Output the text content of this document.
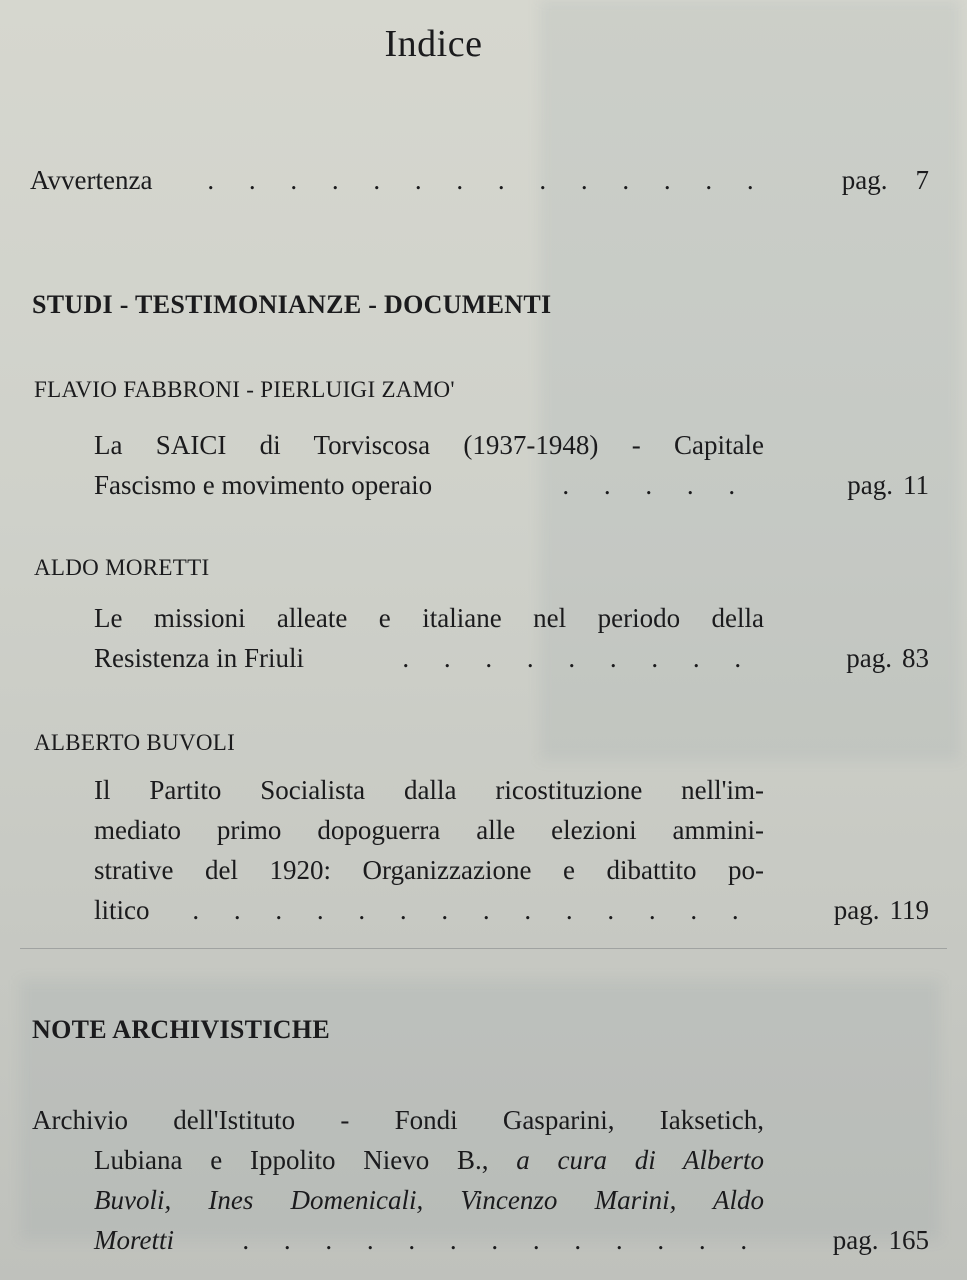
Indice
Avvertenza	. . . . . . . . . . . . . .	pag. 7
STUDI - TESTIMONIANZE - DOCUMENTI
FLAVIO FABBRONI - PIERLUIGI ZAMO'
La SAICI di Torviscosa (1937-1948) - Capitale
Fascismo e movimento operaio	. . . . .	pag. 11
ALDO MORETTI
Le missioni alleate e italiane nel periodo della
Resistenza in Friuli	. . . . . . . . .	pag. 83
ALBERTO BUVOLI
Il Partito Socialista dalla ricostituzione nell'im-
mediato primo dopoguerra alle elezioni ammini-
strative del 1920: Organizzazione e dibattito po-
litico	. . . . . . . . . . . . . .	pag. 119
NOTE ARCHIVISTICHE
Archivio dell'Istituto - Fondi Gasparini, Iaksetich,
Lubiana e Ippolito Nievo B., a cura di Alberto
Buvoli, Ines Domenicali, Vincenzo Marini, Aldo
Moretti	. . . . . . . . . . . . .	pag. 165
